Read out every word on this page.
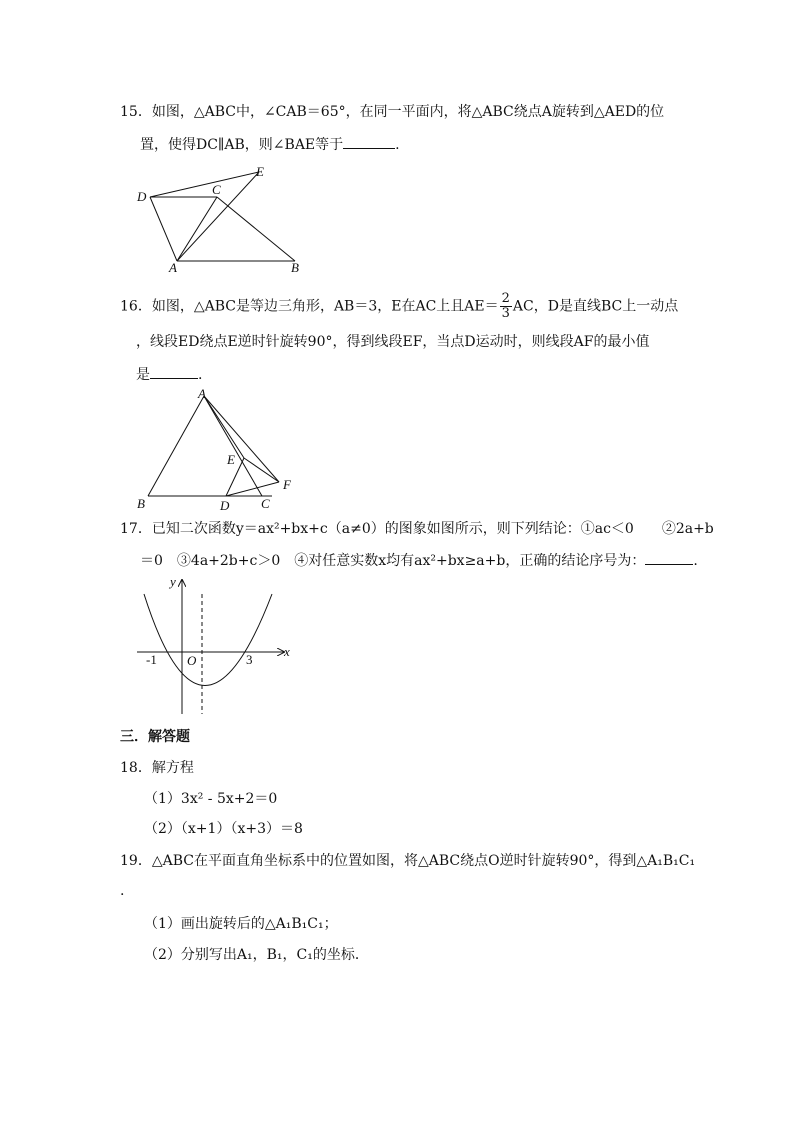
15．如图，△ABC中，∠CAB＝65°，在同一平面内，将△ABC绕点A旋转到△AED的位
置，使得DC∥AB，则∠BAE等于	.
D	C
E
A	B
16．如图，△ABC是等边三角形，AB＝3，E在AC上且$AE= \frac{2}{3}$ AC，D是直线BC上一动点
，线段ED绕点E逆时针旋转90°，得到线段EF，当点D运动时，则线段AF的最小值
是	.
A
E
F
B	D C
17．已知二次函数y＝ax²+bx+c（a≠0）的图象如图所示，则下列结论：①ac＜0　　②2a+b
＝0　③4a+2b+c＞0　④对任意实数x均有ax²+bx≥a+b，正确的结论序号为：	.
y
x
O
-1	3
三．解答题
18．解方程
（1）3x² - 5x+2＝0
（2）（x+1）（x+3）＝8
19．△ABC在平面直角坐标系中的位置如图，将△ABC绕点O逆时针旋转90°，得到△A₁B₁C₁
.
（1）画出旋转后的△A₁B₁C₁；
（2）分别写出A₁，B₁，C₁的坐标．
